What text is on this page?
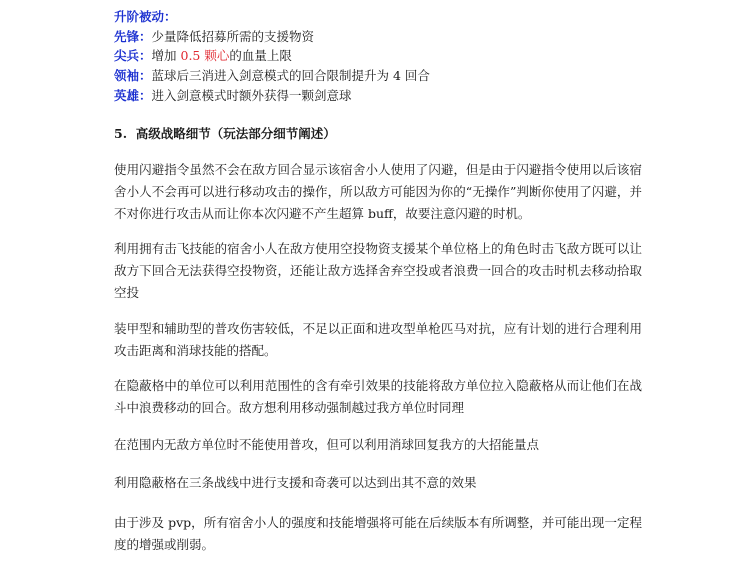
升阶被动：
先锋：少量降低招募所需的支援物资
尖兵：增加 0.5 颗心的血量上限
领袖：蓝球后三消进入剑意模式的回合限制提升为 4 回合
英雄：进入剑意模式时额外获得一颗剑意球
5. 高级战略细节（玩法部分细节阐述）
使用闪避指令虽然不会在敌方回合显示该宿舍小人使用了闪避，但是由于闪避指令使用以后该宿舍小人不会再可以进行移动攻击的操作，所以敌方可能因为你的“无操作”判断你使用了闪避，并不对你进行攻击从而让你本次闪避不产生超算 buff，故要注意闪避的时机。
利用拥有击飞技能的宿舍小人在敌方使用空投物资支援某个单位格上的角色时击飞敌方既可以让敌方下回合无法获得空投物资，还能让敌方选择舍弃空投或者浪费一回合的攻击时机去移动拾取空投
装甲型和辅助型的普攻伤害较低，不足以正面和进攻型单枪匹马对抗，应有计划的进行合理利用攻击距离和消球技能的搭配。
在隐蔽格中的单位可以利用范围性的含有牵引效果的技能将敌方单位拉入隐蔽格从而让他们在战斗中浪费移动的回合。敌方想利用移动强制越过我方单位时同理
在范围内无敌方单位时不能使用普攻，但可以利用消球回复我方的大招能量点
利用隐蔽格在三条战线中进行支援和奇袭可以达到出其不意的效果
由于涉及 pvp，所有宿舍小人的强度和技能增强将可能在后续版本有所调整，并可能出现一定程度的增强或削弱。
